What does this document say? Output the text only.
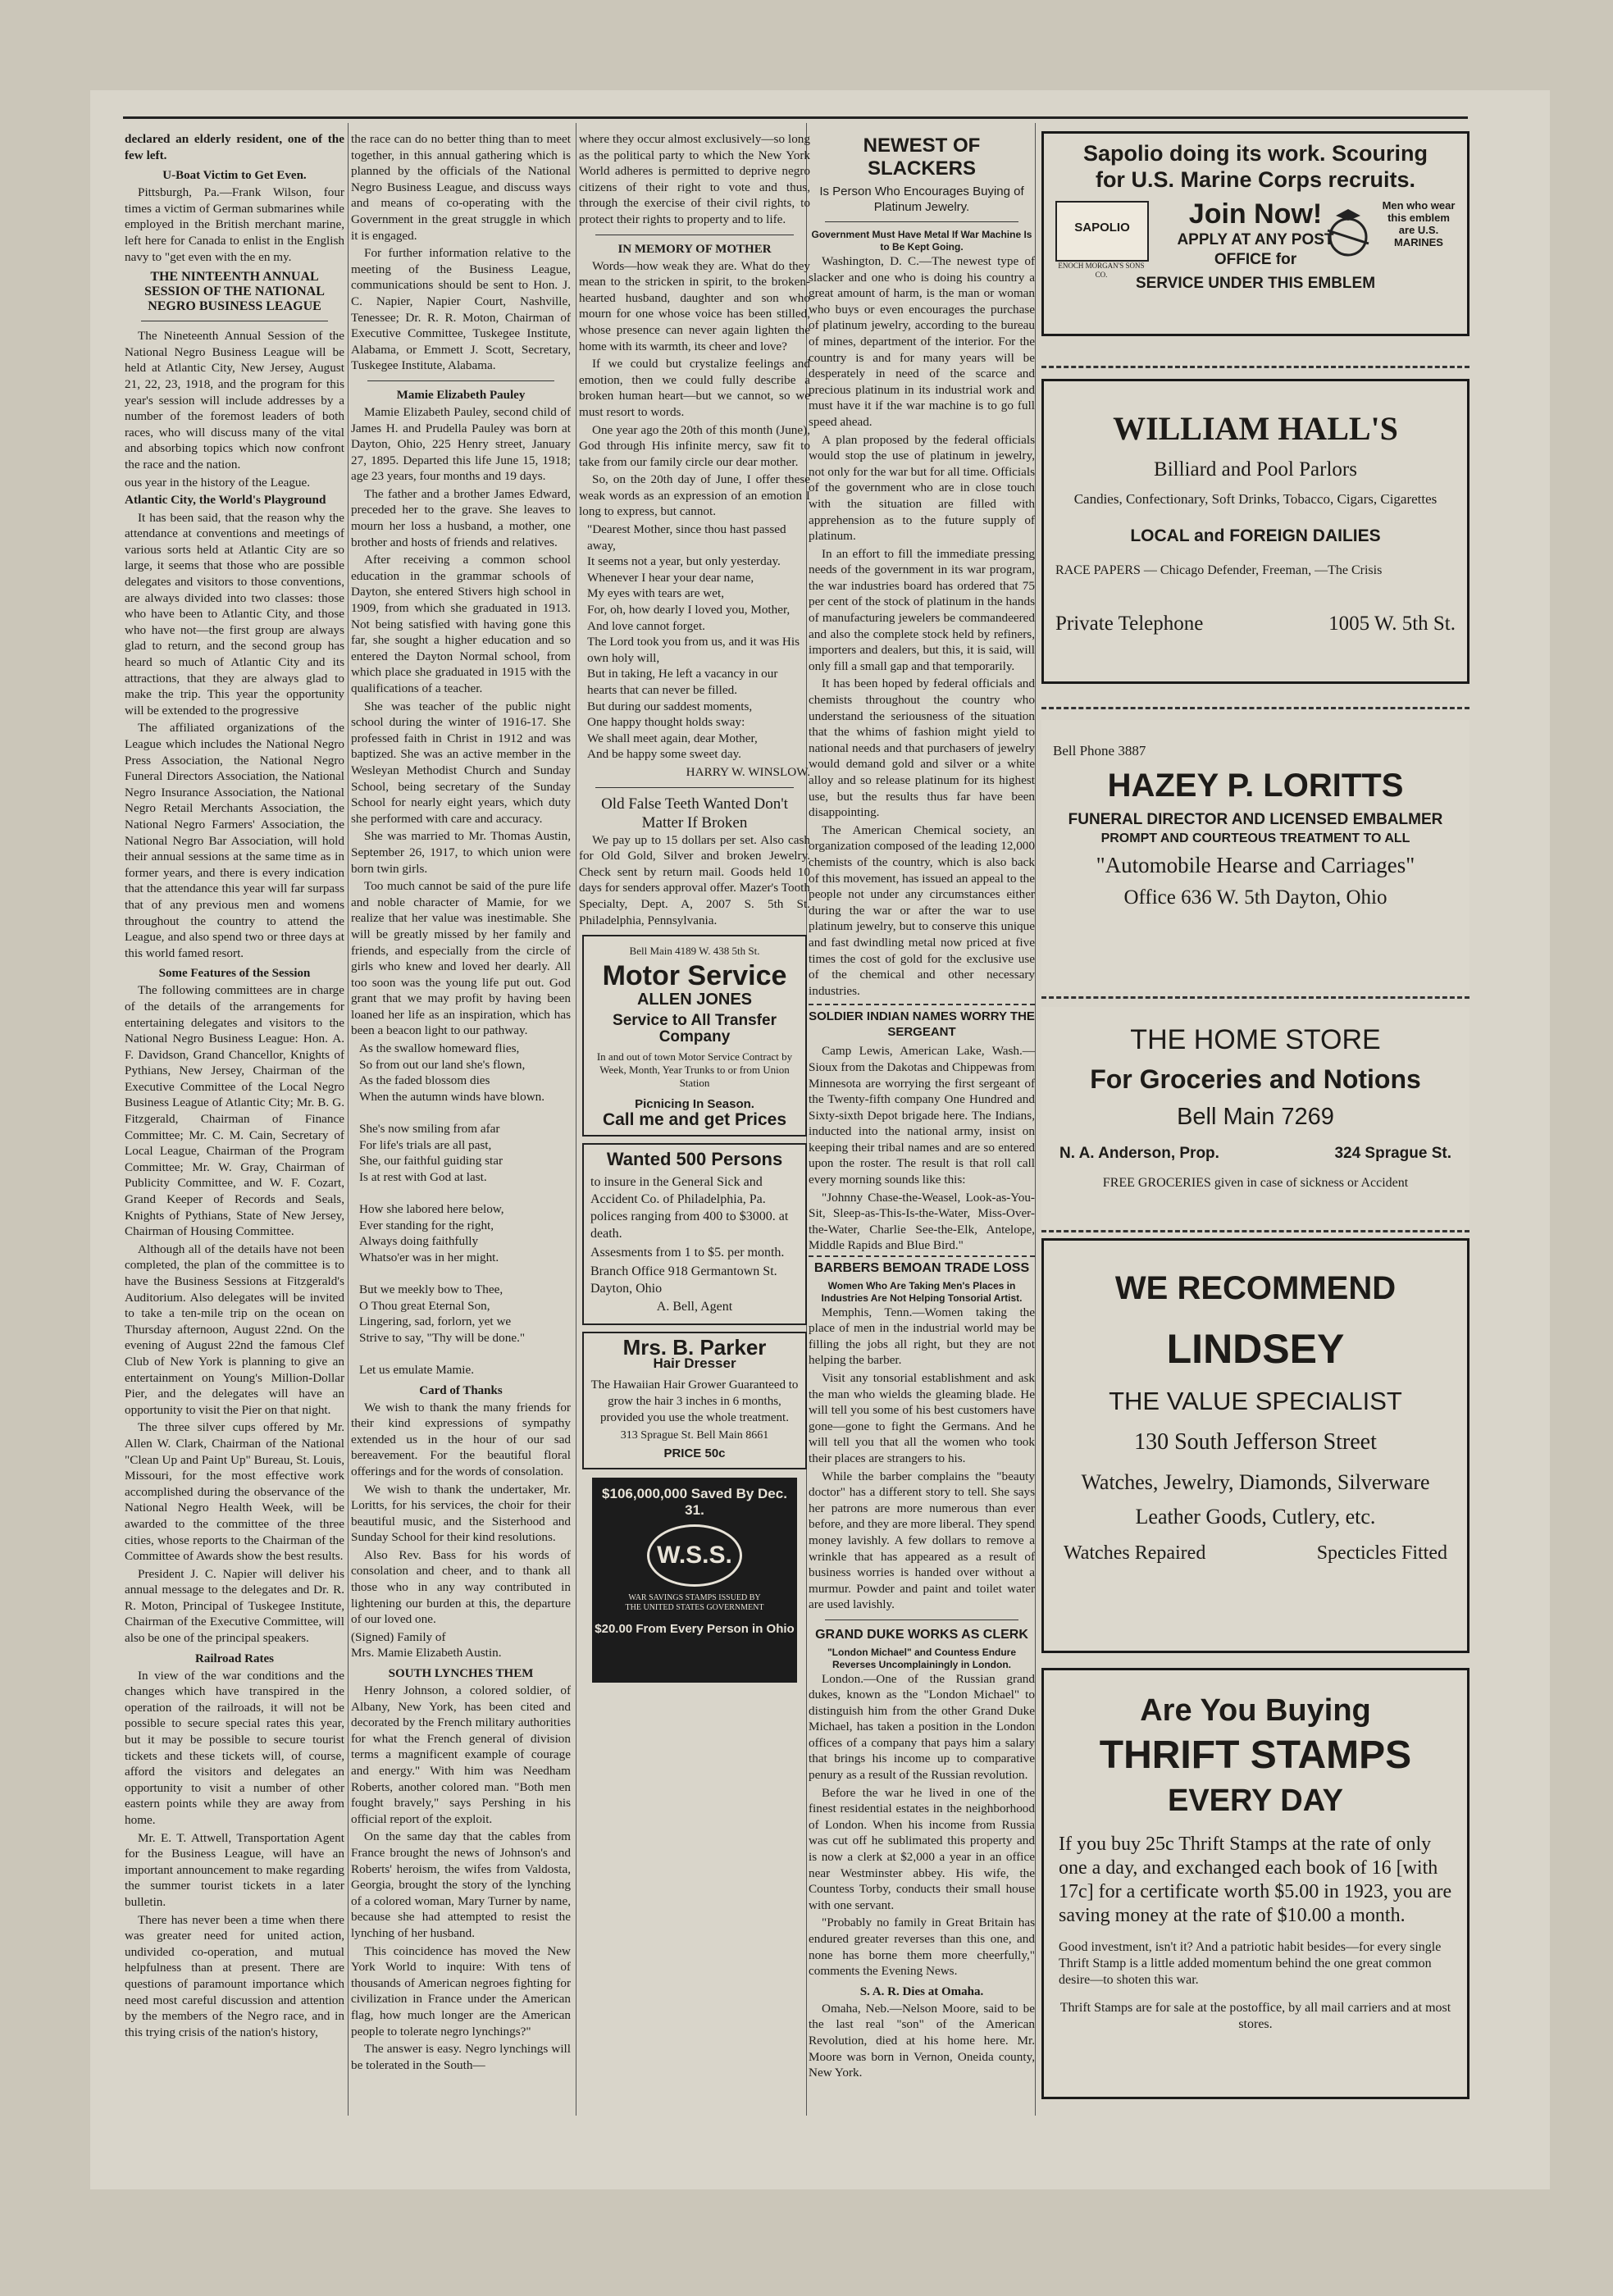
declared an elderly resident, one of the few left.

U-Boat Victim to Get Even.

Pittsburgh, Pa.—Frank Wilson, four times a victim of German submarines while employed in the British merchant marine, left here for Canada to enlist in the English navy to "get even with the en my.

THE NINTEENTH ANNUAL SESSION OF THE NATIONAL NEGRO BUSINESS LEAGUE

The Nineteenth Annual Session of the National Negro Business League will be held at Atlantic City, New Jersey, August 21, 22, 23, 1918, and the program for this year's session will include addresses by a number of the foremost leaders of both races, who will discuss many of the vital and absorbing topics which now confront the race and the nation.

ous year in the history of the League.

Atlantic City, the World's Playground

It has been said, that the reason why the attendance at conventions and meetings of various sorts held at Atlantic City are so large, it seems that those who are possible delegates and visitors to those conventions, are always divided into two classes: those who have been to Atlantic City, and those who have not—the first group are always glad to return, and the second group has heard so much of Atlantic City and its attractions, that they are always glad to make the trip. This year the opportunity will be extended to the progressive

The affiliated organizations of the League which includes the National Negro Press Association, the National Negro Funeral Directors Association, the National Negro Insurance Association, the National Negro Retail Merchants Association, the National Negro Farmers' Association, the National Negro Bar Association, will hold their annual sessions at the same time as in former years, and there is every indication that the attendance this year will far surpass that of any previous men and womens throughout the country to attend the League, and also spend two or three days at this world famed resort.

Some Features of the Session

The following committees are in charge of the details of the arrangements for entertaining delegates and visitors to the National Negro Business League: Hon. A. F. Davidson, Grand Chancellor, Knights of Pythians, New Jersey, Chairman of the Executive Committee of the Local Negro Business League of Atlantic City; Mr. B. G. Fitzgerald, Chairman of Finance Committee; Mr. C. M. Cain, Secretary of Local League, Chairman of the Program Committee; Mr. W. Gray, Chairman of Publicity Committee, and W. F. Cozart, Grand Keeper of Records and Seals, Knights of Pythians, State of New Jersey, Chairman of Housing Committee.

Although all of the details have not been completed, the plan of the committee is to have the Business Sessions at Fitzgerald's Auditorium. Also delegates will be invited to take a ten-mile trip on the ocean on Thursday afternoon, August 22nd. On the evening of August 22nd the famous Clef Club of New York is planning to give an entertainment on Young's Million-Dollar Pier, and the delegates will have an opportunity to visit the Pier on that night.

The three silver cups offered by Mr. Allen W. Clark, Chairman of the National "Clean Up and Paint Up" Bureau, St. Louis, Missouri, for the most effective work accomplished during the observance of the National Negro Health Week, will be awarded to the committee of the three cities, whose reports to the Chairman of the Committee of Awards show the best results.

President J. C. Napier will deliver his annual message to the delegates and Dr. R. R. Moton, Principal of Tuskegee Institute, Chairman of the Executive Committee, will also be one of the principal speakers.

Railroad Rates

In view of the war conditions and the changes which have transpired in the operation of the railroads, it will not be possible to secure special rates this year, but it may be possible to secure tourist tickets and these tickets will, of course, afford the visitors and delegates an opportunity to visit a number of other eastern points while they are away from home.

Mr. E. T. Attwell, Transportation Agent for the Business League, will have an important announcement to make regarding the summer tourist tickets in a later bulletin.

There has never been a time when there was greater need for united action, undivided co-operation, and mutual helpfulness than at present. There are questions of paramount importance which need most careful discussion and attention by the members of the Negro race, and in this trying crisis of the nation's history,

the race can do no better thing than to meet together, in this annual gathering which is planned by the officials of the National Negro Business League, and discuss ways and means of co-operating with the Government in the great struggle in which it is engaged.

For further information relative to the meeting of the Business League, communications should be sent to Hon. J. C. Napier, Napier Court, Nashville, Tenessee; Dr. R. R. Moton, Chairman of Executive Committee, Tuskegee Institute, Alabama, or Emmett J. Scott, Secretary, Tuskegee Institute, Alabama.

Mamie Elizabeth Pauley

Mamie Elizabeth Pauley, second child of James H. and Prudella Pauley was born at Dayton, Ohio, 225 Henry street, January 27, 1895. Departed this life June 15, 1918; age 23 years, four months and 19 days.

The father and a brother James Edward, preceded her to the grave. She leaves to mourn her loss a husband, a mother, one brother and hosts of friends and relatives.

After receiving a common school education in the grammar schools of Dayton, she entered Stivers high school in 1909, from which she graduated in 1913. Not being satisfied with having gone this far, she sought a higher education and so entered the Dayton Normal school, from which place she graduated in 1915 with the qualifications of a teacher.

She was teacher of the public night school during the winter of 1916-17. She professed faith in Christ in 1912 and was baptized. She was an active member in the Wesleyan Methodist Church and Sunday School, being secretary of the Sunday School for nearly eight years, which duty she performed with care and accuracy.

She was married to Mr. Thomas Austin, September 26, 1917, to which union were born twin girls.

Too much cannot be said of the pure life and noble character of Mamie, for we realize that her value was inestimable. She will be greatly missed by her family and friends, and especially from the circle of girls who knew and loved her dearly. All too soon was the young life put out. God grant that we may profit by having been loaned her life as an inspiration, which has been a beacon light to our pathway.

As the swallow homeward flies,
So from out our land she's flown,
As the faded blossom dies
When the autumn winds have blown.

She's now smiling from afar
For life's trials are all past,
She, our faithful guiding star
Is at rest with God at last.

How she labored here below,
Ever standing for the right,
Always doing faithfully
Whatso'er was in her might.

But we meekly bow to Thee,
O Thou great Eternal Son,
Lingering, sad, forlorn, yet we
Strive to say, "Thy will be done."

Let us emulate Mamie.

Card of Thanks

We wish to thank the many friends for their kind expressions of sympathy extended us in the hour of our sad bereavement. For the beautiful floral offerings and for the words of consolation.

We wish to thank the undertaker, Mr. Loritts, for his services, the choir for their beautiful music, and the Sisterhood and Sunday School for their kind resolutions.

Also Rev. Bass for his words of consolation and cheer, and to thank all those who in any way contributed in lightening our burden at this, the departure of our loved one.

(Signed) Family of
Mrs. Mamie Elizabeth Austin.

SOUTH LYNCHES THEM

Henry Johnson, a colored soldier, of Albany, New York, has been cited and decorated by the French military authorities for what the French general of division terms a magnificent example of courage and energy." With him was Needham Roberts, another colored man. "Both men fought bravely," says Pershing in his official report of the exploit.

On the same day that the cables from France brought the news of Johnson's and Roberts' heroism, the wifes from Valdosta, Georgia, brought the story of the lynching of a colored woman, Mary Turner by name, because she had attempted to resist the lynching of her husband.

This coincidence has moved the New York World to inquire: With tens of thousands of American negroes fighting for civilization in France under the American flag, how much longer are the American people to tolerate negro lynchings?"

The answer is easy. Negro lynchings will be tolerated in the South—

where they occur almost exclusively—so long as the political party to which the New York World adheres is permitted to deprive negro citizens of their right to vote and thus, through the exercise of their civil rights, to protect their rights to property and to life.

IN MEMORY OF MOTHER

Words—how weak they are. What do they mean to the stricken in spirit, to the broken-hearted husband, daughter and son who mourn for one whose voice has been stilled, whose presence can never again lighten the home with its warmth, its cheer and love?

If we could but crystalize feelings and emotion, then we could fully describe a broken human heart—but we cannot, so we must resort to words.

One year ago the 20th of this month (June), God through His infinite mercy, saw fit to take from our family circle our dear mother.

So, on the 20th day of June, I offer these weak words as an expression of an emotion I long to express, but cannot.

"Dearest Mother, since thou hast passed away,
It seems not a year, but only yesterday.
Whenever I hear your dear name,
My eyes with tears are wet,
For, oh, how dearly I loved you, Mother,
And love cannot forget.
The Lord took you from us, and it was His own holy will,
But in taking, He left a vacancy in our hearts that can never be filled.
But during our saddest moments,
One happy thought holds sway:
We shall meet again, dear Mother,
And be happy some sweet day.

HARRY W. WINSLOW.

Old False Teeth Wanted Don't Matter If Broken

We pay up to 15 dollars per set. Also cash for Old Gold, Silver and broken Jewelry. Check sent by return mail. Goods held 10 days for senders approval offer. Mazer's Tooth Specialty, Dept. A, 2007 S. 5th St. Philadelphia, Pennsylvania.

Bell Main 4189 W. 438 5th St.
Motor Service
ALLEN JONES
Service to All Transfer Company
In and out of town Motor Service Contract by Week, Month, Year Trunks to or from Union Station
Picnicing In Season.
Call me and get Prices
Wanted 500 Persons

to insure in the General Sick and Accident Co. of Philadelphia, Pa. polices ranging from 400 to $3000. at death.

Assesments from 1 to $5. per month.

Branch Office 918 Germantown St. Dayton, Ohio

A. Bell, Agent

Mrs. B. Parker
Hair Dresser

The Hawaiian Hair Grower Guaranteed to grow the hair 3 inches in 6 months, provided you use the whole treatment.

313 Sprague St. Bell Main 8661

PRICE 50c
$106,000,000 Saved By Dec. 31.
W.S.S.
WAR SAVINGS STAMPS ISSUED BY THE UNITED STATES GOVERNMENT
$20.00 From Every Person in Ohio
NEWEST OF SLACKERS
Is Person Who Encourages Buying of Platinum Jewelry.
Government Must Have Metal If War Machine Is to Be Kept Going.

Washington, D. C.—The newest type of slacker and one who is doing his country a great amount of harm, is the man or woman who buys or even encourages the purchase of platinum jewelry, according to the bureau of mines, department of the interior. For the country is and for many years will be desperately in need of the scarce and precious platinum in its industrial work and must have it if the war machine is to go full speed ahead.

A plan proposed by the federal officials would stop the use of platinum in jewelry, not only for the war but for all time. Officials of the government who are in close touch with the situation are filled with apprehension as to the future supply of platinum.

In an effort to fill the immediate pressing needs of the government in its war program, the war industries board has ordered that 75 per cent of the stock of platinum in the hands of manufacturing jewelers be commandeered and also the complete stock held by refiners, importers and dealers, but this, it is said, will only fill a small gap and that temporarily.

It has been hoped by federal officials and chemists throughout the country who understand the seriousness of the situation that the whims of fashion might yield to national needs and that purchasers of jewelry would demand gold and silver or a white alloy and so release platinum for its highest use, but the results thus far have been disappointing.

The American Chemical society, an organization composed of the leading 12,000 chemists of the country, which is also back of this movement, has issued an appeal to the people not under any circumstances either during the war or after the war to use platinum jewelry, but to conserve this unique and fast dwindling metal now priced at five times the cost of gold for the exclusive use of the chemical and other necessary industries.

SOLDIER INDIAN NAMES WORRY THE SERGEANT

Camp Lewis, American Lake, Wash.—Sioux from the Dakotas and Chippewas from Minnesota are worrying the first sergeant of the Twenty-fifth company One Hundred and Sixty-sixth Depot brigade here. The Indians, inducted into the national army, insist on keeping their tribal names and are so entered upon the roster. The result is that roll call every morning sounds like this:

"Johnny Chase-the-Weasel, Look-as-You-Sit, Sleep-as-This-Is-the-Water, Miss-Over-the-Water, Charlie See-the-Elk, Antelope, Middle Rapids and Blue Bird."

BARBERS BEMOAN TRADE LOSS
Women Who Are Taking Men's Places in Industries Are Not Helping Tonsorial Artist.

Memphis, Tenn.—Women taking the place of men in the industrial world may be filling the jobs all right, but they are not helping the barber.

Visit any tonsorial establishment and ask the man who wields the gleaming blade. He will tell you some of his best customers have gone—gone to fight the Germans. And he will tell you that all the women who took their places are strangers to his.

While the barber complains the "beauty doctor" has a different story to tell. She says her patrons are more numerous than ever before, and they are more liberal. They spend money lavishly. A few dollars to remove a wrinkle that has appeared as a result of business worries is handed over without a murmur. Powder and paint and toilet water are used lavishly.

GRAND DUKE WORKS AS CLERK
"London Michael" and Countess Endure Reverses Uncomplainingly in London.

London.—One of the Russian grand dukes, known as the "London Michael" to distinguish him from the other Grand Duke Michael, has taken a position in the London offices of a company that pays him a salary that brings his income up to comparative penury as a result of the Russian revolution.

Before the war he lived in one of the finest residential estates in the neighborhood of London. When his income from Russia was cut off he sublimated this property and is now a clerk at $2,000 a year in an office near Westminster abbey. His wife, the Countess Torby, conducts their small house with one servant.

"Probably no family in Great Britain has endured greater reverses than this one, and none has borne them more cheerfully," comments the Evening News.

S. A. R. Dies at Omaha.

Omaha, Neb.—Nelson Moore, said to be the last real "son" of the American Revolution, died at his home here. Mr. Moore was born in Vernon, Oneida county, New York.

Sapolio doing its work. Scouring
for U.S. Marine Corps recruits.
SAPOLIO
ENOCH MORGAN'S SONS CO.
Join Now!
APPLY AT ANY POST OFFICE for
Men who wear this emblem are U.S. MARINES
SERVICE UNDER THIS EMBLEM
WILLIAM HALL'S
Billiard and Pool Parlors
Candies, Confectionary, Soft Drinks, Tobacco, Cigars, Cigarettes
LOCAL and FOREIGN DAILIES
RACE PAPERS — Chicago Defender, Freeman, —The Crisis
Private Telephone	1005 W. 5th St.
Bell Phone 3887
HAZEY P. LORITTS
FUNERAL DIRECTOR AND LICENSED EMBALMER
PROMPT AND COURTEOUS TREATMENT TO ALL
"Automobile Hearse and Carriages"
Office 636 W. 5th Dayton, Ohio
THE HOME STORE
For Groceries and Notions
Bell Main 7269
N. A. Anderson, Prop.	324 Sprague St.
FREE GROCERIES given in case of sickness or Accident
WE RECOMMEND
LINDSEY
THE VALUE SPECIALIST
130 South Jefferson Street
Watches, Jewelry, Diamonds, Silverware
Leather Goods, Cutlery, etc.
Watches Repaired	Specticles Fitted
Are You Buying
THRIFT STAMPS
EVERY DAY

If you buy 25c Thrift Stamps at the rate of only one a day, and exchanged each book of 16 [with 17c] for a certificate worth $5.00 in 1923, you are saving money at the rate of $10.00 a month.

Good investment, isn't it? And a patriotic habit besides—for every single Thrift Stamp is a little added momentum behind the one great common desire—to shoten this war.

Thrift Stamps are for sale at the postoffice, by all mail carriers and at most stores.
